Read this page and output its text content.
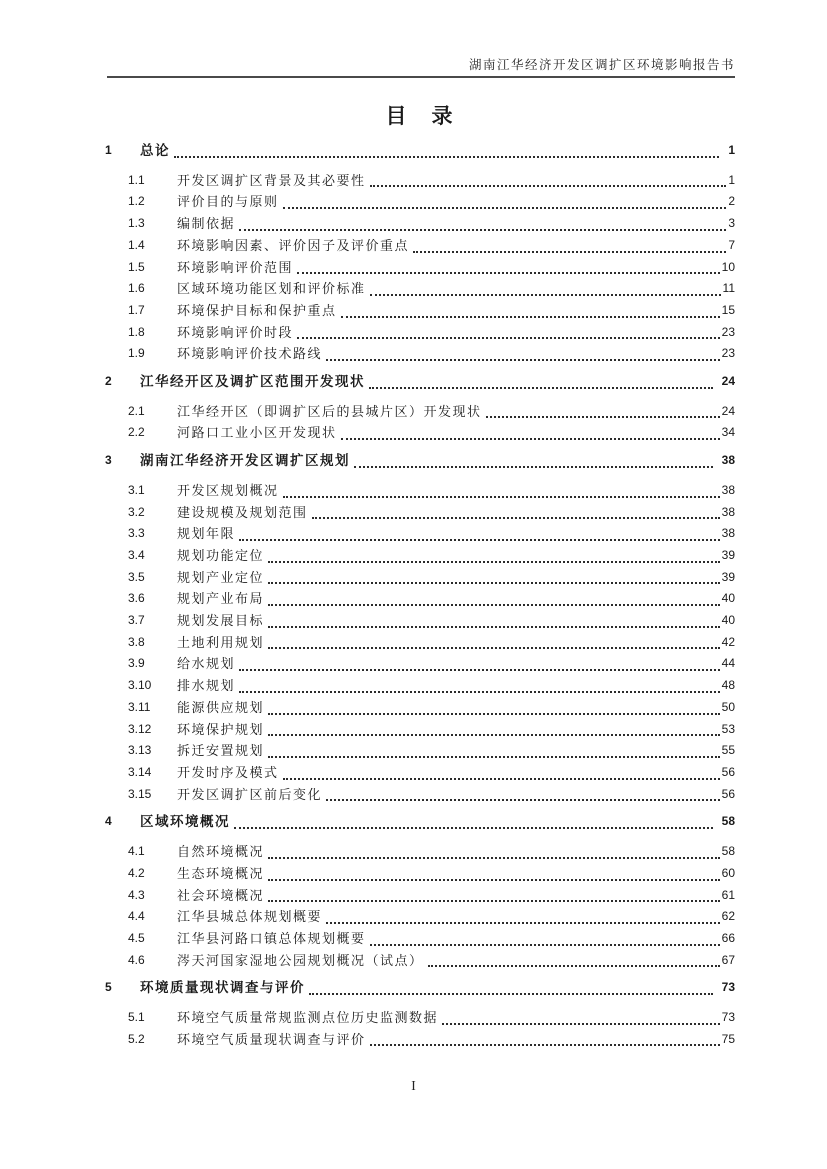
湖南江华经济开发区调扩区环境影响报告书
目　录
1	总论	1
1.1	开发区调扩区背景及其必要性	1
1.2	评价目的与原则	2
1.3	编制依据	3
1.4	环境影响因素、评价因子及评价重点	7
1.5	环境影响评价范围	10
1.6	区域环境功能区划和评价标准	11
1.7	环境保护目标和保护重点	15
1.8	环境影响评价时段	23
1.9	环境影响评价技术路线	23
2	江华经开区及调扩区范围开发现状	24
2.1	江华经开区（即调扩区后的县城片区）开发现状	24
2.2	河路口工业小区开发现状	34
3	湖南江华经济开发区调扩区规划	38
3.1	开发区规划概况	38
3.2	建设规模及规划范围	38
3.3	规划年限	38
3.4	规划功能定位	39
3.5	规划产业定位	39
3.6	规划产业布局	40
3.7	规划发展目标	40
3.8	土地利用规划	42
3.9	给水规划	44
3.10	排水规划	48
3.11	能源供应规划	50
3.12	环境保护规划	53
3.13	拆迁安置规划	55
3.14	开发时序及模式	56
3.15	开发区调扩区前后变化	56
4	区域环境概况	58
4.1	自然环境概况	58
4.2	生态环境概况	60
4.3	社会环境概况	61
4.4	江华县城总体规划概要	62
4.5	江华县河路口镇总体规划概要	66
4.6	涔天河国家湿地公园规划概况（试点）	67
5	环境质量现状调查与评价	73
5.1	环境空气质量常规监测点位历史监测数据	73
5.2	环境空气质量现状调查与评价	75
I
